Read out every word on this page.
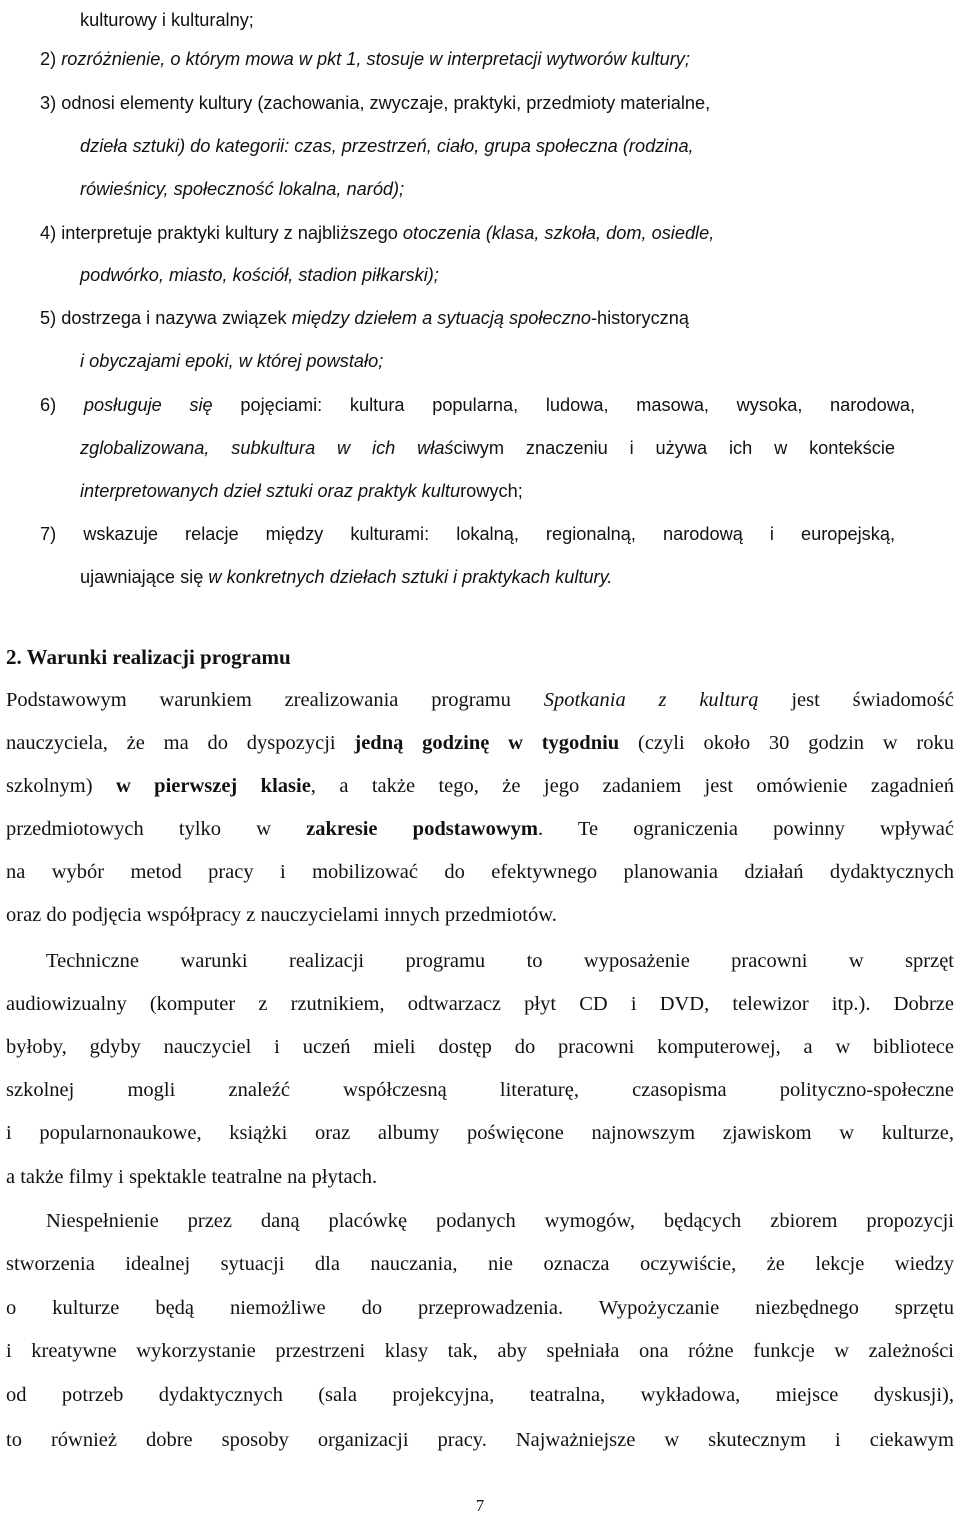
kulturowy i kulturalny;
2) rozróżnienie, o którym mowa w pkt 1, stosuje w interpretacji wytworów kultury;
3) odnosi elementy kultury (zachowania, zwyczaje, praktyki, przedmioty materialne,
dzieła sztuki) do kategorii: czas, przestrzeń, ciało, grupa społeczna (rodzina,
rówieśnicy, społeczność lokalna, naród);
4) interpretuje praktyki kultury z najbliższego otoczenia (klasa, szkoła, dom, osiedle,
podwórko, miasto, kościół, stadion piłkarski);
5) dostrzega i nazywa związek między dziełem a sytuacją społeczno-historyczną
i obyczajami epoki, w której powstało;
6) posługuje się pojęciami: kultura popularna, ludowa, masowa, wysoka, narodowa,
zglobalizowana, subkultura w ich właściwym znaczeniu i używa ich w kontekście
interpretowanych dzieł sztuki oraz praktyk kulturowych;
7) wskazuje relacje między kulturami: lokalną, regionalną, narodową i europejską,
ujawniające się w konkretnych dziełach sztuki i praktykach kultury.
2. Warunki realizacji programu
Podstawowym warunkiem zrealizowania programu Spotkania z kulturą jest świadomość
nauczyciela, że ma do dyspozycji jedną godzinę w tygodniu (czyli około 30 godzin w roku
szkolnym) w pierwszej klasie, a także tego, że jego zadaniem jest omówienie zagadnień
przedmiotowych tylko w zakresie podstawowym. Te ograniczenia powinny wpływać
na wybór metod pracy i mobilizować do efektywnego planowania działań dydaktycznych
oraz do podjęcia współpracy z nauczycielami innych przedmiotów.
Techniczne warunki realizacji programu to wyposażenie pracowni w sprzęt
audiowizualny (komputer z rzutnikiem, odtwarzacz płyt CD i DVD, telewizor itp.). Dobrze
byłoby, gdyby nauczyciel i uczeń mieli dostęp do pracowni komputerowej, a w bibliotece
szkolnej mogli znaleźć współczesną literaturę, czasopisma polityczno-społeczne
i popularnonaukowe, książki oraz albumy poświęcone najnowszym zjawiskom w kulturze,
a także filmy i spektakle teatralne na płytach.
Niespełnienie przez daną placówkę podanych wymogów, będących zbiorem propozycji
stworzenia idealnej sytuacji dla nauczania, nie oznacza oczywiście, że lekcje wiedzy
o kulturze będą niemożliwe do przeprowadzenia. Wypożyczanie niezbędnego sprzętu
i kreatywne wykorzystanie przestrzeni klasy tak, aby spełniała ona różne funkcje w zależności
od potrzeb dydaktycznych (sala projekcyjna, teatralna, wykładowa, miejsce dyskusji),
to również dobre sposoby organizacji pracy. Najważniejsze w skutecznym i ciekawym
7
